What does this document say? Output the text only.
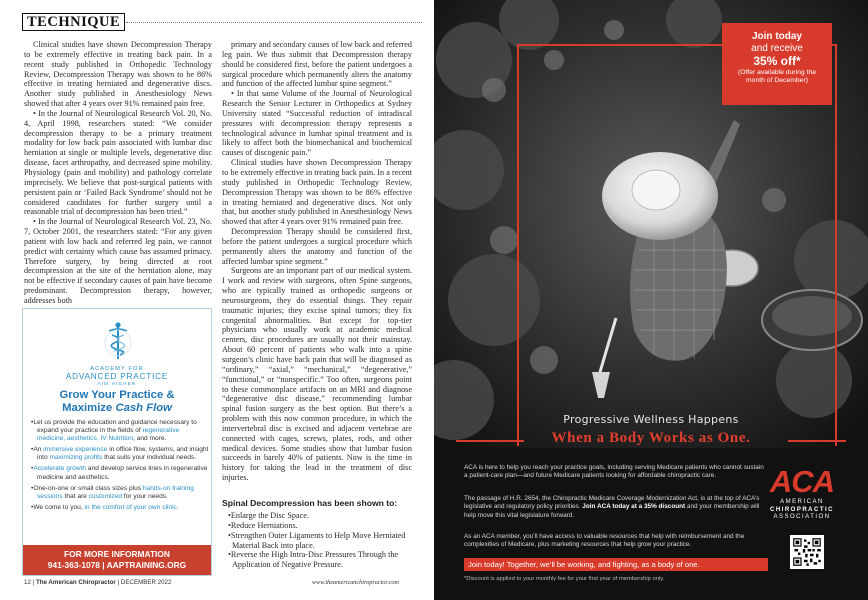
TECHNIQUE

Clinical studies have shown Decompression Therapy to be extremely effective in treating back pain. In a recent study published in Orthopedic Technology Review, Decompression Therapy was shown to be 86% effective in treating herniated and degenerative discs. Another study published in Anesthesiology News showed that after 4 years over 91% remained pain free.

• In the Journal of Neurological Research Vol. 20, No. 4, April 1998, researchers stated: “We consider decompression therapy to be a primary treatment modality for low back pain associated with lumbar disc herniation at single or multiple levels, degenerative disc disease, facet arthropathy, and decreased spine mobility. Physiology (pain and mobility) and pathology correlate imprecisely. We believe that post-surgical patients with persistent pain or ‘Failed Back Syndrome’ should not be considered candidates for further surgery until a reasonable trial of decompression has been tried.”

• In the Journal of Neurological Research Vol. 23, No. 7, October 2001, the researchers stated: “For any given patient with low back and referred leg pain, we cannot predict with certainty which cause has assumed primacy. Therefore surgery, by being directed at root decompression at the site of the herniation alone, may not be effective if secondary causes of pain have become predominant. Decompression therapy, however, addresses both

primary and secondary causes of low back and referred leg pain. We thus submit that Decompression therapy should be considered first, before the patient undergoes a surgical procedure which permanently alters the anatomy and function of the affected lumbar spine segment.”

• In that same Volume of the Journal of Neurological Research the Senior Lecturer in Orthopedics at Sydney University stated “Successful reduction of intradiscal pressures with decompression therapy represents a technological advance in lumbar spinal treatment and is likely to affect both the biomechanical and biochemical causes of discogenic pain.”

Clinical studies have shown Decompression Therapy to be extremely effective in treating back pain. In a recent study published in Orthopedic Technology Review, Decompression Therapy was shown to be 86% effective in treating herniated and degenerative discs. Not only that, but another study published in Anesthesiology News showed that after 4 years over 91% remained pain free.

Decompression Therapy should be considered first, before the patient undergoes a surgical procedure which permanently alters the anatomy and function of the affected lumbar spine segment.”

Surgeons are an important part of our medical system. I work and review with surgeons, often Spine surgeons, who are typically trained as orthopedic surgeons or neurosurgeons, they do essential things. They repair traumatic injuries; they excise spinal tumors; they fix congenital abnormalities. But except for top-tier physicians who usually work at academic medical centers, disc procedures are usually not their mainstay. About 60 percent of patients who walk into a spine surgeon’s clinic have back pain that will be diagnosed as “ordinary,” “axial,” “mechanical,” “degenerative,” “functional,” or “nonspecific.” Too often, surgeons point to these commonplace artifacts on an MRI and diagnose “degenerative disc disease,” recommending lumbar spinal fusion surgery as the best option. But there’s a problem with this now common procedure, in which the intervertebral disc is excised and adjacent vertebrae are connected with cages, screws, plates, rods, and other medical devices. Some studies show that lumbar fusion succeeds in barely 40% of patients. Now is the time in history for taking the lead in the treatment of disc injuries.

Spinal Decompression has been shown to:
• Enlarge the Disc Space.
• Reduce Herniations.
• Strengthen Outer Ligaments to Help Move Herniated Material Back into place.
• Reverse the High Intra-Disc Pressures Through the Application of Negative Pressure.
ACADEMY FOR
ADVANCED PRACTICE
AIM HIGHER
Grow Your Practice &
Maximize Cash Flow
• Let us provide the education and guidance necessary to expand your practice in the fields of regenerative medicine, aesthetics, IV Nutrition, and more.
• An immersive experience in office flow, systems, and insight into maximizing profits that suits your individual needs.
• Accelerate growth and develop service lines in regenerative medicine and aesthetics.
• One-on-one or small class sizes plus hands-on training sessions that are customized for your needs.
• We come to you, in the comfort of your own clinic.
FOR MORE INFORMATION
941-363-1078 | AAPTRAINING.ORG
12 | The American Chiropractor | DECEMBER 2022	www.theamericanchiropractor.com
Join today
and receive
35% off*
(Offer available during the month of December)
Progressive Wellness Happens
When a Body Works as One.
ACA is here to help you reach your practice goals, including serving Medicare patients who cannot sustain a patient-care plan—and future Medicare patients looking for affordable chiropractic care.
The passage of H.R. 2654, the Chiropractic Medicare Coverage Modernization Act, is at the top of ACA’s legislative and regulatory policy priorities. Join ACA today at a 35% discount and your membership will help move this vital legislature forward.
As an ACA member, you’ll have access to valuable resources that help with reimbursement and the complexities of Medicare, plus marketing resources that help grow your practice.
ACA
AMERICAN
CHIROPRACTIC
ASSOCIATION
Join today! Together, we’ll be working, and fighting, as a body of one.
*Discount is applied to your monthly fee for your first year of membership only.
